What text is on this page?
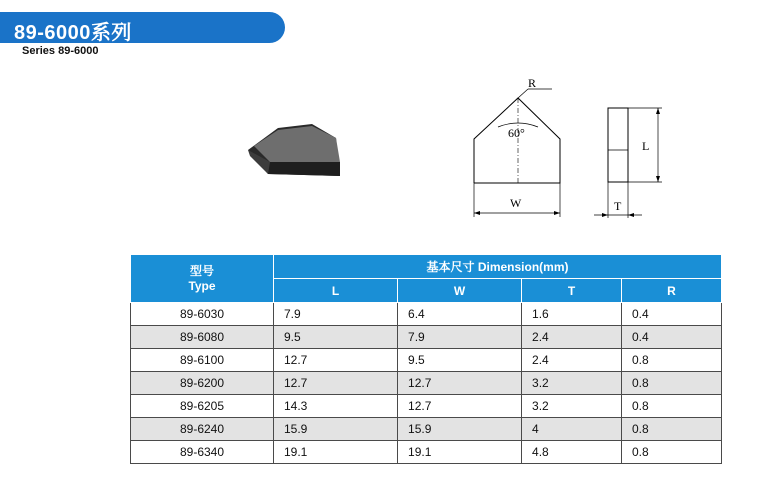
89-6000系列
Series 89-6000
60°
R
W
L
T
型号
Type	基本尺寸 Dimension(mm)			
	L	W	T	R
89-6030	7.9	6.4	1.6	0.4
89-6080	9.5	7.9	2.4	0.4
89-6100	12.7	9.5	2.4	0.8
89-6200	12.7	12.7	3.2	0.8
89-6205	14.3	12.7	3.2	0.8
89-6240	15.9	15.9	4	0.8
89-6340	19.1	19.1	4.8	0.8
